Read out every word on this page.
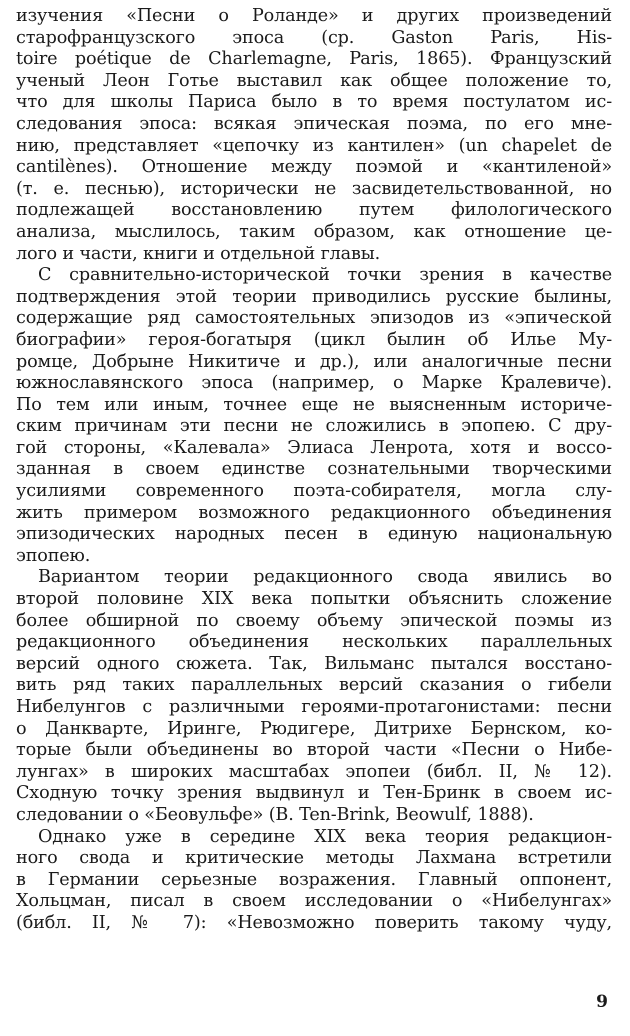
изучения «Песни о Роланде» и других произведений
старофранцузского эпоса (ср. Gaston Paris, His-
toire poétique de Charlemagne, Paris, 1865). Французский
ученый Леон Готье выставил как общее положение то,
что для школы Париса было в то время постулатом ис-
следования эпоса: всякая эпическая поэма, по его мне-
нию, представляет «цепочку из кантилен» (un chapelet de
cantilènes). Отношение между поэмой и «кантиленой»
(т. е. песнью), исторически не засвидетельствованной, но
подлежащей восстановлению путем филологического
анализа, мыслилось, таким образом, как отношение це-
лого и части, книги и отдельной главы.

С сравнительно-исторической точки зрения в качестве
подтверждения этой теории приводились русские былины,
содержащие ряд самостоятельных эпизодов из «эпической
биографии» героя-богатыря (цикл былин об Илье Му-
ромце, Добрыне Никитиче и др.), или аналогичные песни
южнославянского эпоса (например, о Марке Кралевиче).
По тем или иным, точнее еще не выясненным историче-
ским причинам эти песни не сложились в эпопею. С дру-
гой стороны, «Калевала» Элиаса Ленрота, хотя и воссо-
зданная в своем единстве сознательными творческими
усилиями современного поэта-собирателя, могла слу-
жить примером возможного редакционного объединения
эпизодических народных песен в единую национальную
эпопею.

Вариантом теории редакционного свода явились во
второй половине XIX века попытки объяснить сложение
более обширной по своему объему эпической поэмы из
редакционного объединения нескольких параллельных
версий одного сюжета. Так, Вильманс пытался восстано-
вить ряд таких параллельных версий сказания о гибели
Нибелунгов с различными героями-протагонистами: песни
о Данкварте, Иринге, Рюдигере, Дитрихе Бернском, ко-
торые были объединены во второй части «Песни о Нибе-
лунгах» в широких масштабах эпопеи (библ. II, № 12).
Сходную точку зрения выдвинул и Тен-Бринк в своем ис-
следовании о «Беовульфе» (B. Ten-Brink, Beowulf, 1888).

Однако уже в середине XIX века теория редакцион-
ного свода и критические методы Лахмана встретили
в Германии серьезные возражения. Главный оппонент,
Хольцман, писал в своем исследовании о «Нибелунгах»
(библ. II, № 7): «Невозможно поверить такому чуду,

9
